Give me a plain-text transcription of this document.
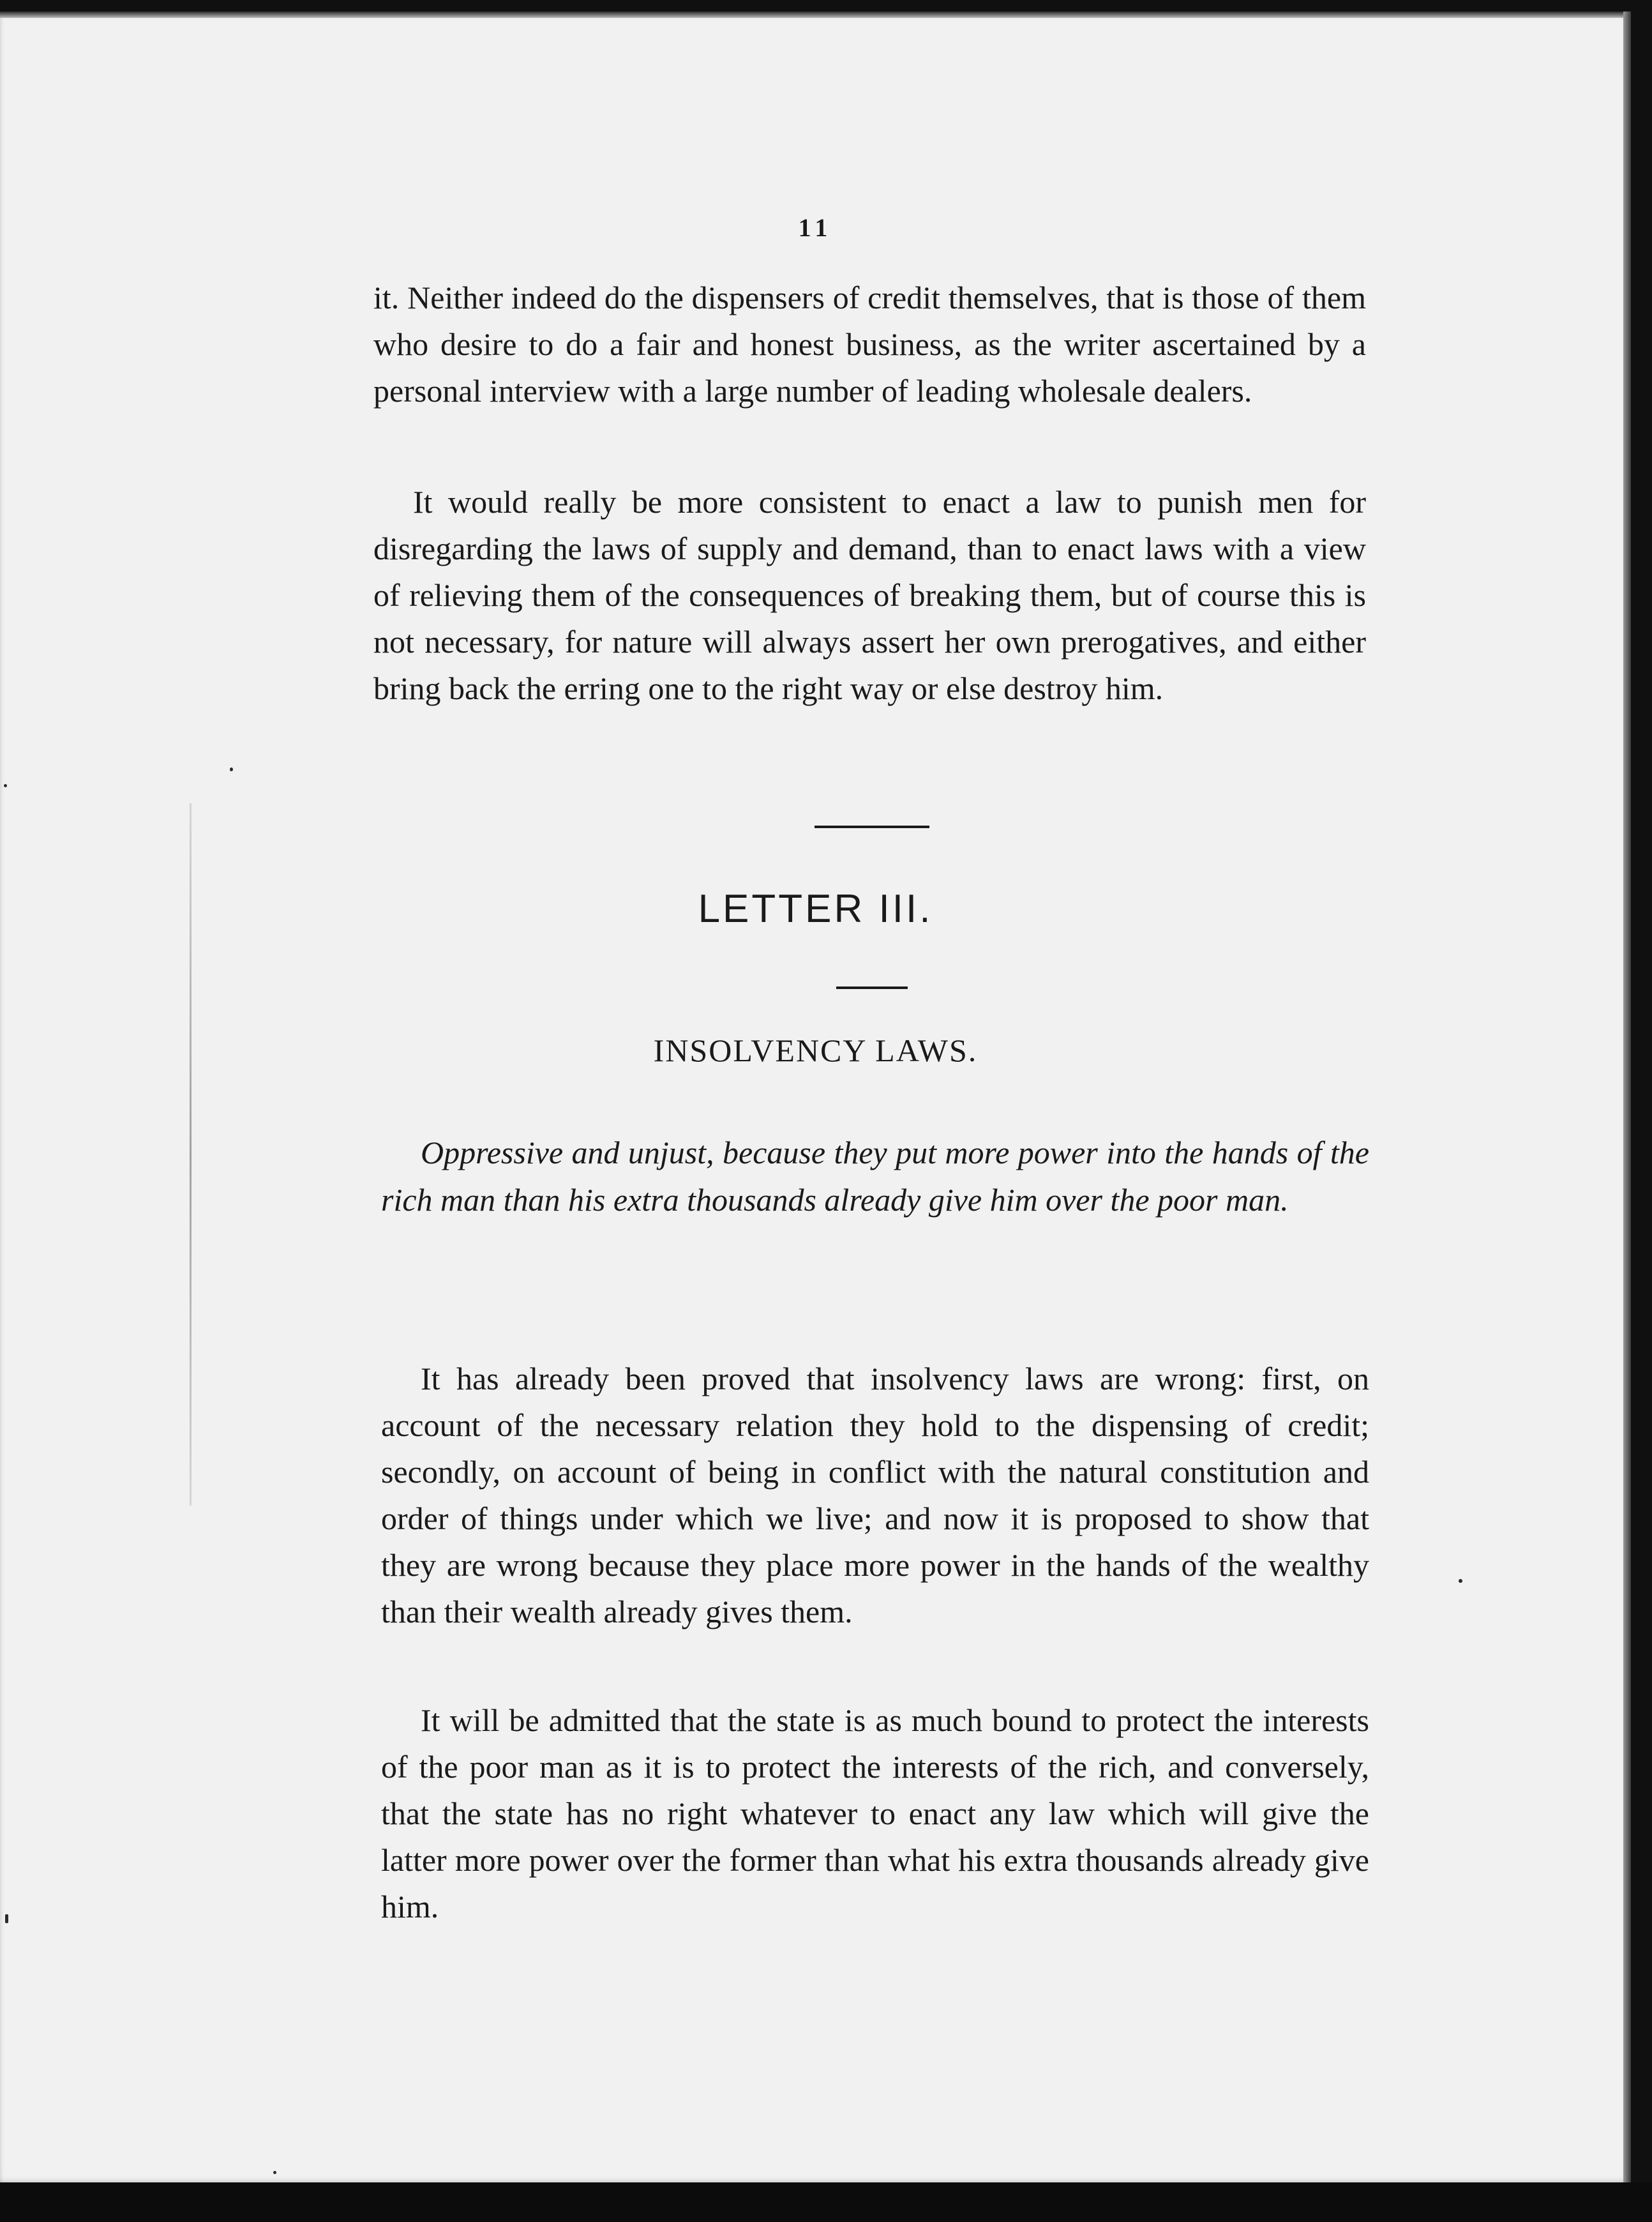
11
it. Neither indeed do the dispensers of credit themselves, that is those of them who desire to do a fair and honest business, as the writer ascertained by a personal interview with a large number of leading wholesale dealers.
It would really be more consistent to enact a law to punish men for disregarding the laws of supply and demand, than to enact laws with a view of relieving them of the consequences of breaking them, but of course this is not necessary, for nature will always assert her own prerogatives, and either bring back the erring one to the right way or else destroy him.
LETTER III.
INSOLVENCY LAWS.
Oppressive and unjust, because they put more power into the hands of the rich man than his extra thousands already give him over the poor man.
It has already been proved that insolvency laws are wrong: first, on account of the necessary relation they hold to the dispensing of credit; secondly, on account of being in conflict with the natural constitution and order of things under which we live; and now it is proposed to show that they are wrong because they place more power in the hands of the wealthy than their wealth already gives them.
It will be admitted that the state is as much bound to protect the interests of the poor man as it is to protect the interests of the rich, and conversely, that the state has no right whatever to enact any law which will give the latter more power over the former than what his extra thousands already give him.
